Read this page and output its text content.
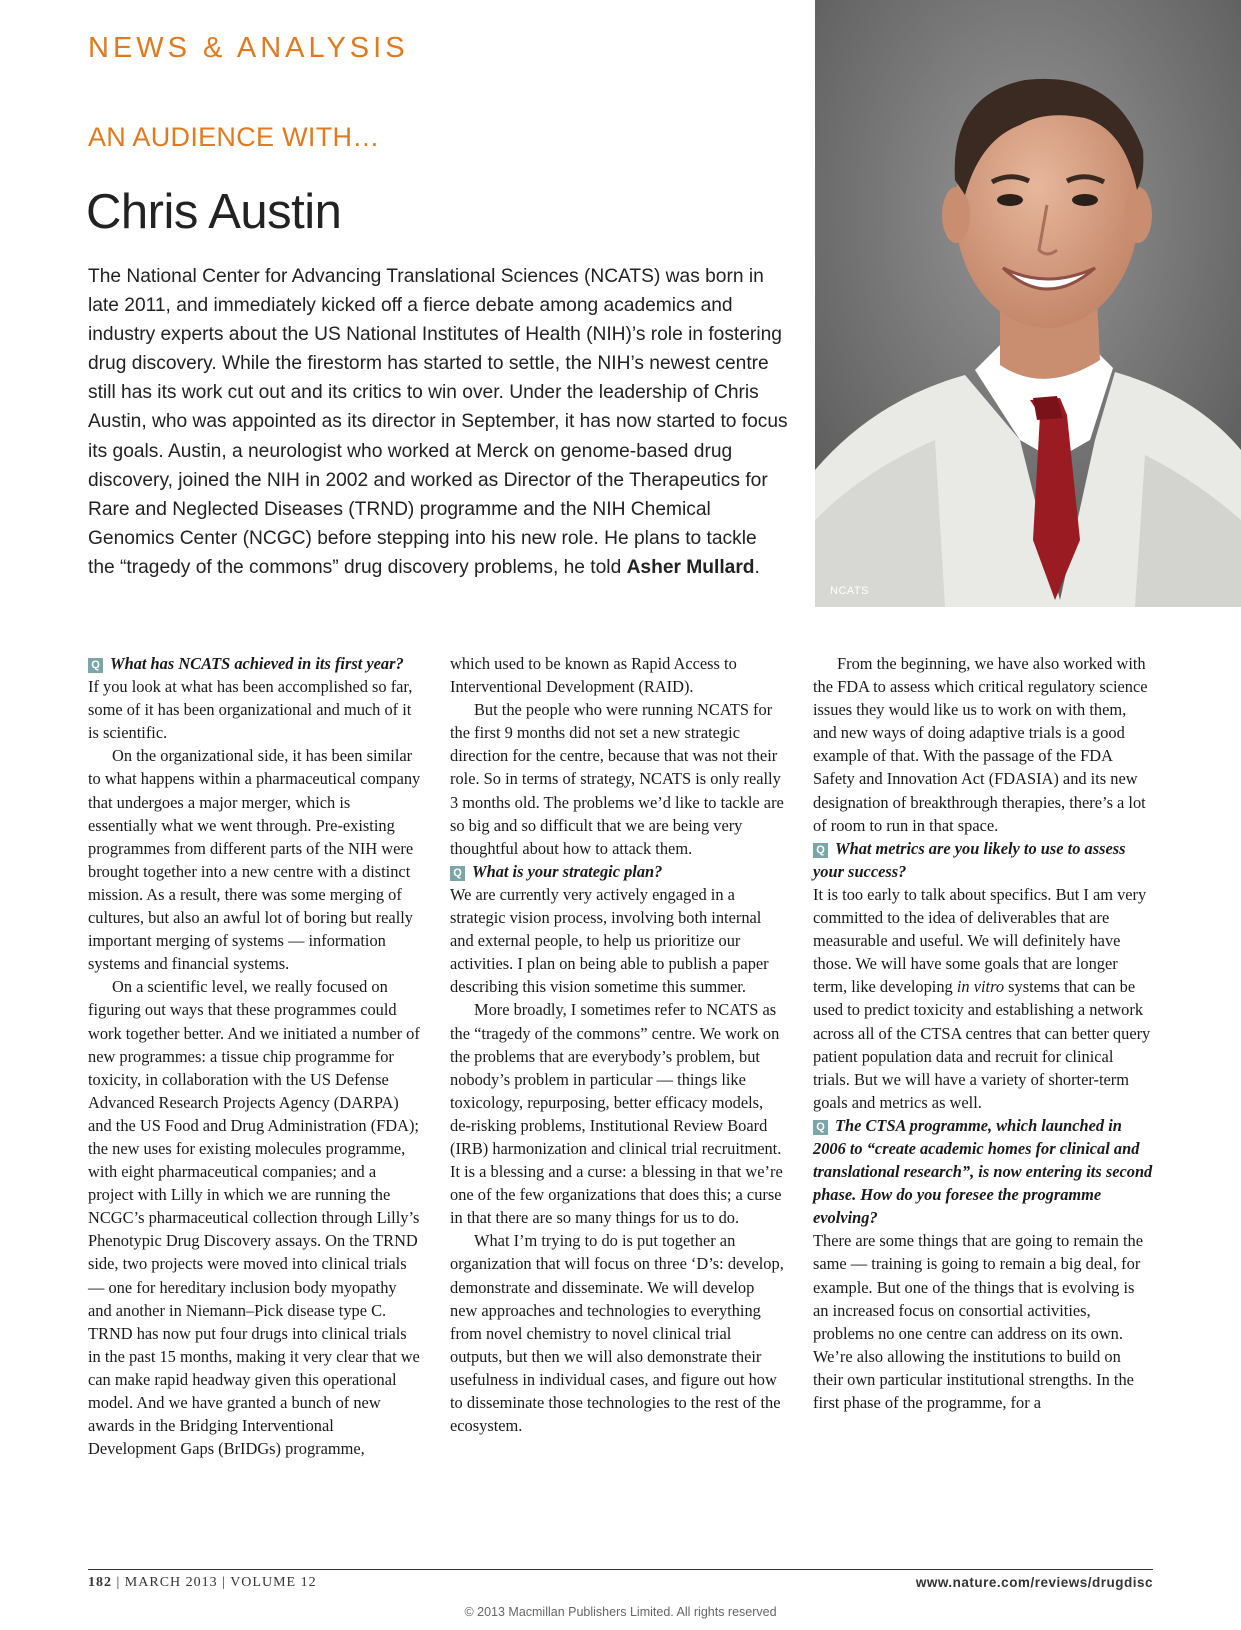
NEWS & ANALYSIS
AN AUDIENCE WITH…
Chris Austin
The National Center for Advancing Translational Sciences (NCATS) was born in late 2011, and immediately kicked off a fierce debate among academics and industry experts about the US National Institutes of Health (NIH)’s role in fostering drug discovery. While the firestorm has started to settle, the NIH’s newest centre still has its work cut out and its critics to win over. Under the leadership of Chris Austin, who was appointed as its director in September, it has now started to focus its goals. Austin, a neurologist who worked at Merck on genome-based drug discovery, joined the NIH in 2002 and worked as Director of the Therapeutics for Rare and Neglected Diseases (TRND) programme and the NIH Chemical Genomics Center (NCGC) before stepping into his new role. He plans to tackle the “tragedy of the commons” drug discovery problems, he told Asher Mullard.
NCATS

Q What has NCATS achieved in its first year?

If you look at what has been accomplished so far, some of it has been organizational and much of it is scientific.

On the organizational side, it has been similar to what happens within a pharmaceutical company that undergoes a major merger, which is essentially what we went through. Pre-existing programmes from different parts of the NIH were brought together into a new centre with a distinct mission. As a result, there was some merging of cultures, but also an awful lot of boring but really important merging of systems — information systems and financial systems.

On a scientific level, we really focused on figuring out ways that these programmes could work together better. And we initiated a number of new programmes: a tissue chip programme for toxicity, in collaboration with the US Defense Advanced Research Projects Agency (DARPA) and the US Food and Drug Administration (FDA); the new uses for existing molecules programme, with eight pharmaceutical companies; and a project with Lilly in which we are running the NCGC’s pharmaceutical collection through Lilly’s Phenotypic Drug Discovery assays. On the TRND side, two projects were moved into clinical trials — one for hereditary inclusion body myopathy and another in Niemann–Pick disease type C. TRND has now put four drugs into clinical trials in the past 15 months, making it very clear that we can make rapid headway given this operational model. And we have granted a bunch of new awards in the Bridging Interventional Development Gaps (BrIDGs) programme,

which used to be known as Rapid Access to Interventional Development (RAID).

But the people who were running NCATS for the first 9 months did not set a new strategic direction for the centre, because that was not their role. So in terms of strategy, NCATS is only really 3 months old. The problems we’d like to tackle are so big and so difficult that we are being very thoughtful about how to attack them.

Q What is your strategic plan?

We are currently very actively engaged in a strategic vision process, involving both internal and external people, to help us prioritize our activities. I plan on being able to publish a paper describing this vision sometime this summer.

More broadly, I sometimes refer to NCATS as the “tragedy of the commons” centre. We work on the problems that are everybody’s problem, but nobody’s problem in particular — things like toxicology, repurposing, better efficacy models, de-risking problems, Institutional Review Board (IRB) harmonization and clinical trial recruitment. It is a blessing and a curse: a blessing in that we’re one of the few organizations that does this; a curse in that there are so many things for us to do.

What I’m trying to do is put together an organization that will focus on three ‘D’s: develop, demonstrate and disseminate. We will develop new approaches and technologies to everything from novel chemistry to novel clinical trial outputs, but then we will also demonstrate their usefulness in individual cases, and figure out how to disseminate those technologies to the rest of the ecosystem.

From the beginning, we have also worked with the FDA to assess which critical regulatory science issues they would like us to work on with them, and new ways of doing adaptive trials is a good example of that. With the passage of the FDA Safety and Innovation Act (FDASIA) and its new designation of breakthrough therapies, there’s a lot of room to run in that space.

Q What metrics are you likely to use to assess your success?

It is too early to talk about specifics. But I am very committed to the idea of deliverables that are measurable and useful. We will definitely have those. We will have some goals that are longer term, like developing in vitro systems that can be used to predict toxicity and establishing a network across all of the CTSA centres that can better query patient population data and recruit for clinical trials. But we will have a variety of shorter-term goals and metrics as well.

Q The CTSA programme, which launched in 2006 to “create academic homes for clinical and translational research”, is now entering its second phase. How do you foresee the programme evolving?

There are some things that are going to remain the same — training is going to remain a big deal, for example. But one of the things that is evolving is an increased focus on consortial activities, problems no one centre can address on its own. We’re also allowing the institutions to build on their own particular institutional strengths. In the first phase of the programme, for a

182 | MARCH 2013 | VOLUME 12	www.nature.com/reviews/drugdisc
© 2013 Macmillan Publishers Limited. All rights reserved
